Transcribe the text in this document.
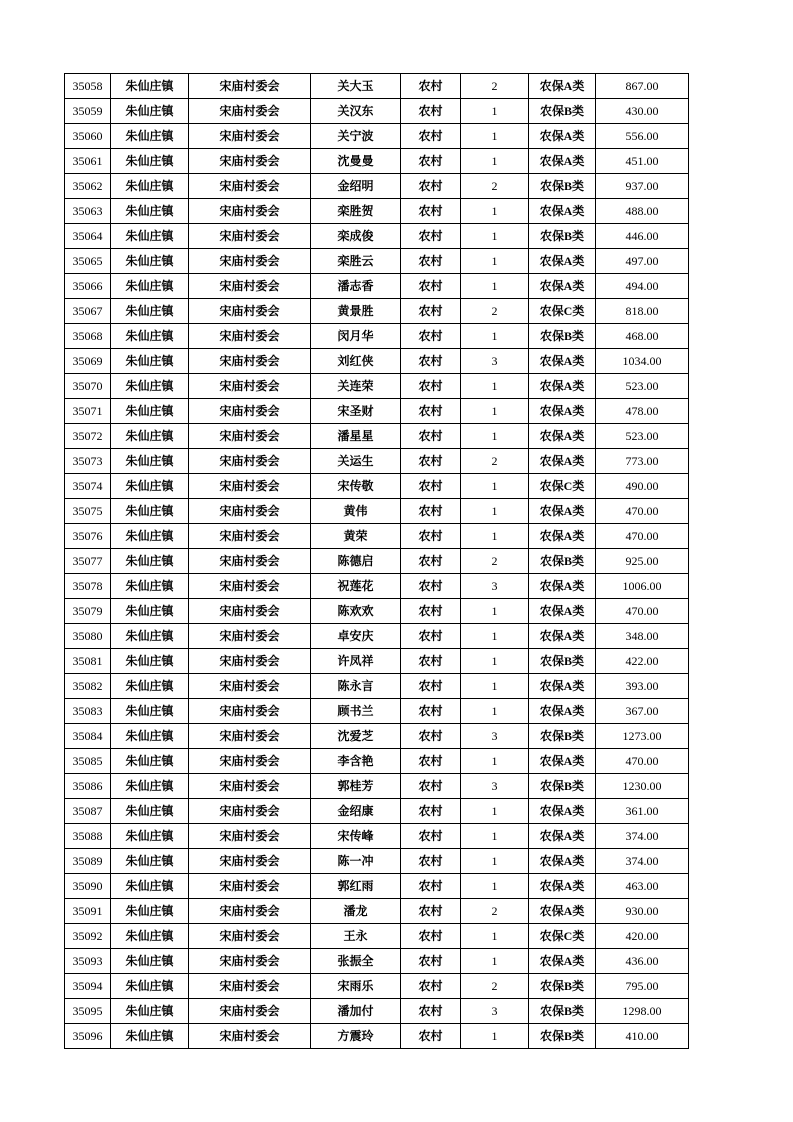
35058	朱仙庄镇	宋庙村委会	关大玉	农村	2	农保A类	867.00
35059	朱仙庄镇	宋庙村委会	关汉东	农村	1	农保B类	430.00
35060	朱仙庄镇	宋庙村委会	关宁波	农村	1	农保A类	556.00
35061	朱仙庄镇	宋庙村委会	沈曼曼	农村	1	农保A类	451.00
35062	朱仙庄镇	宋庙村委会	金绍明	农村	2	农保B类	937.00
35063	朱仙庄镇	宋庙村委会	栾胜贺	农村	1	农保A类	488.00
35064	朱仙庄镇	宋庙村委会	栾成俊	农村	1	农保B类	446.00
35065	朱仙庄镇	宋庙村委会	栾胜云	农村	1	农保A类	497.00
35066	朱仙庄镇	宋庙村委会	潘志香	农村	1	农保A类	494.00
35067	朱仙庄镇	宋庙村委会	黄景胜	农村	2	农保C类	818.00
35068	朱仙庄镇	宋庙村委会	闵月华	农村	1	农保B类	468.00
35069	朱仙庄镇	宋庙村委会	刘红侠	农村	3	农保A类	1034.00
35070	朱仙庄镇	宋庙村委会	关连荣	农村	1	农保A类	523.00
35071	朱仙庄镇	宋庙村委会	宋圣财	农村	1	农保A类	478.00
35072	朱仙庄镇	宋庙村委会	潘星星	农村	1	农保A类	523.00
35073	朱仙庄镇	宋庙村委会	关运生	农村	2	农保A类	773.00
35074	朱仙庄镇	宋庙村委会	宋传敬	农村	1	农保C类	490.00
35075	朱仙庄镇	宋庙村委会	黄伟	农村	1	农保A类	470.00
35076	朱仙庄镇	宋庙村委会	黄荣	农村	1	农保A类	470.00
35077	朱仙庄镇	宋庙村委会	陈德启	农村	2	农保B类	925.00
35078	朱仙庄镇	宋庙村委会	祝莲花	农村	3	农保A类	1006.00
35079	朱仙庄镇	宋庙村委会	陈欢欢	农村	1	农保A类	470.00
35080	朱仙庄镇	宋庙村委会	卓安庆	农村	1	农保A类	348.00
35081	朱仙庄镇	宋庙村委会	许凤祥	农村	1	农保B类	422.00
35082	朱仙庄镇	宋庙村委会	陈永言	农村	1	农保A类	393.00
35083	朱仙庄镇	宋庙村委会	顾书兰	农村	1	农保A类	367.00
35084	朱仙庄镇	宋庙村委会	沈爱芝	农村	3	农保B类	1273.00
35085	朱仙庄镇	宋庙村委会	李含艳	农村	1	农保A类	470.00
35086	朱仙庄镇	宋庙村委会	郭桂芳	农村	3	农保B类	1230.00
35087	朱仙庄镇	宋庙村委会	金绍康	农村	1	农保A类	361.00
35088	朱仙庄镇	宋庙村委会	宋传峰	农村	1	农保A类	374.00
35089	朱仙庄镇	宋庙村委会	陈一冲	农村	1	农保A类	374.00
35090	朱仙庄镇	宋庙村委会	郭红雨	农村	1	农保A类	463.00
35091	朱仙庄镇	宋庙村委会	潘龙	农村	2	农保A类	930.00
35092	朱仙庄镇	宋庙村委会	王永	农村	1	农保C类	420.00
35093	朱仙庄镇	宋庙村委会	张振全	农村	1	农保A类	436.00
35094	朱仙庄镇	宋庙村委会	宋雨乐	农村	2	农保B类	795.00
35095	朱仙庄镇	宋庙村委会	潘加付	农村	3	农保B类	1298.00
35096	朱仙庄镇	宋庙村委会	方震玲	农村	1	农保B类	410.00
